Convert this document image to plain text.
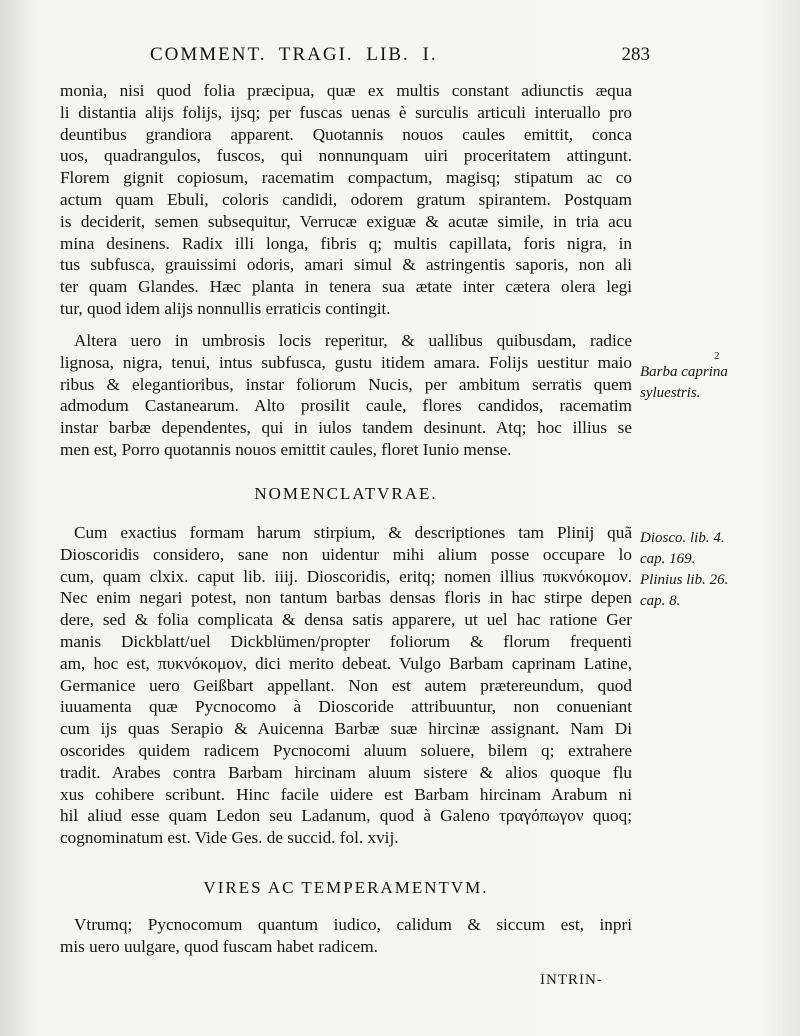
COMMENT. TRAGI. LIB. I.	283
monia, nisi quod folia præcipua, quæ ex multis constant adiunctis æqua
li distantia alijs folijs, ijsq; per fuscas uenas è surculis articuli interuallo pro
deuntibus grandiora apparent. Quotannis nouos caules emittit, conca
uos, quadrangulos, fuscos, qui nonnunquam uiri proceritatem attingunt.
Florem gignit copiosum, racematim compactum, magisq; stipatum ac co
actum quam Ebuli, coloris candidi, odorem gratum spirantem. Postquam
is deciderit, semen subsequitur, Verrucæ exiguæ & acutæ simile, in tria acu
mina desinens. Radix illi longa, fibris q; multis capillata, foris nigra, in
tus subfusca, grauissimi odoris, amari simul & astringentis saporis, non ali
ter quam Glandes. Hæc planta in tenera sua ætate inter cætera olera legi
tur, quod idem alijs nonnullis erraticis contingit.
Altera uero in umbrosis locis reperitur, & uallibus quibusdam, radice
lignosa, nigra, tenui, intus subfusca, gustu itidem amara. Folijs uestitur maio
ribus & elegantioribus, instar foliorum Nucis, per ambitum serratis quem
admodum Castanearum. Alto prosilit caule, flores candidos, racematim
instar barbæ dependentes, qui in iulos tandem desinunt. Atq; hoc illius se
men est, Porro quotannis nouos emittit caules, floret Iunio mense.
2
Barba caprina
syluestris.
NOMENCLATVRAE.
Cum exactius formam harum stirpium, & descriptiones tam Plinij quã
Dioscoridis considero, sane non uidentur mihi alium posse occupare lo
cum, quam clxix. caput lib. iiij. Dioscoridis, eritq; nomen illius πυκνόκομον.
Nec enim negari potest, non tantum barbas densas floris in hac stirpe depen
dere, sed & folia complicata & densa satis apparere, ut uel hac ratione Ger
manis Dickblatt/uel Dickblümen/propter foliorum & florum frequenti
am, hoc est, πυκνόκομον, dici merito debeat. Vulgo Barbam caprinam Latine,
Germanice uero Geißbart appellant. Non est autem prætereundum, quod
iuuamenta quæ Pycnocomo à Dioscoride attribuuntur, non conueniant
cum ijs quas Serapio & Auicenna Barbæ suæ hircinæ assignant. Nam Di
oscorides quidem radicem Pycnocomi aluum soluere, bilem q; extrahere
tradit. Arabes contra Barbam hircinam aluum sistere & alios quoque flu
xus cohibere scribunt. Hinc facile uidere est Barbam hircinam Arabum ni
hil aliud esse quam Ledon seu Ladanum, quod à Galeno τραγόπωγον quoq;
cognominatum est. Vide Ges. de succid. fol. xvij.
Diosco. lib. 4.
cap. 169.
Plinius lib. 26.
cap. 8.
VIRES AC TEMPERAMENTVM.
Vtrumq; Pycnocomum quantum iudico, calidum & siccum est, inpri
mis uero uulgare, quod fuscam habet radicem.
INTRIN-
